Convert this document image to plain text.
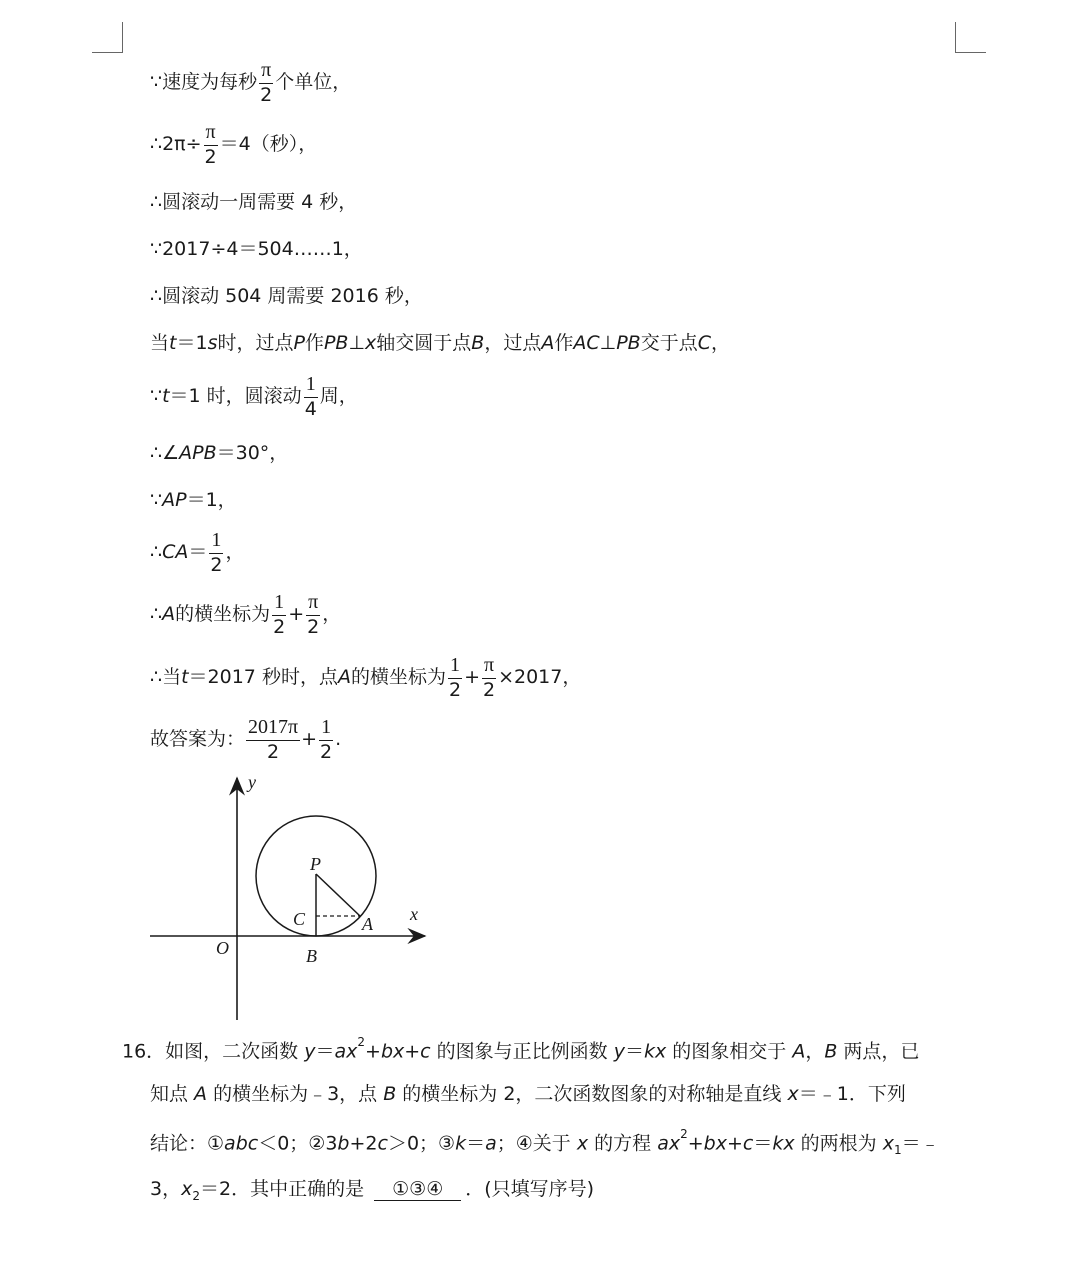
∵速度为每秒 $\frac{\pi}{2}$ 个单位，
∴2π÷ $\frac{\pi}{2} =4$（秒），
∴圆滚动一周需要 4 秒，
∵2017÷4＝504……1，
∴圆滚动 504 周需要 2016 秒，
当 t ＝1 s 时，过点 P 作 PB ⊥ x 轴交圆于点 B ，过点 A 作 AC ⊥ PB 交于点 C ，
∵ t ＝1 时，圆滚动 $\frac{1}{4}$ 周，
∴∠ APB ＝30°，
∵ AP ＝1，
∴ CA ＝ $\frac{1}{2}$ ，
∴ A 的横坐标为 $\frac{1}{2} + \frac{\pi}{2}$ ，
∴当 t ＝2017 秒时，点 A 的横坐标为 $\frac{1}{2} + \frac{\pi}{2} \times 2017$，
故答案为： $\frac{2017\pi}{2} + \frac{1}{2}$ .
y
x
O
P
C	A
B
16．如图，二次函数 $y=ax^2+bx+c$ 的图象与正比例函数 y＝kx 的图象相交于 A，B 两点，已
知点 A 的横坐标为﹣3，点 B 的横坐标为 2，二次函数图象的对称轴是直线 x＝﹣1．下列
结论：①abc＜0；②3b+2c＞0；③k＝a；④关于 x 的方程 $ax^2+bx+c=kx$ 的两根为 $x_1=﹣$
3，$x_2=2$．其中正确的是 ①③④ ．(只填写序号)
